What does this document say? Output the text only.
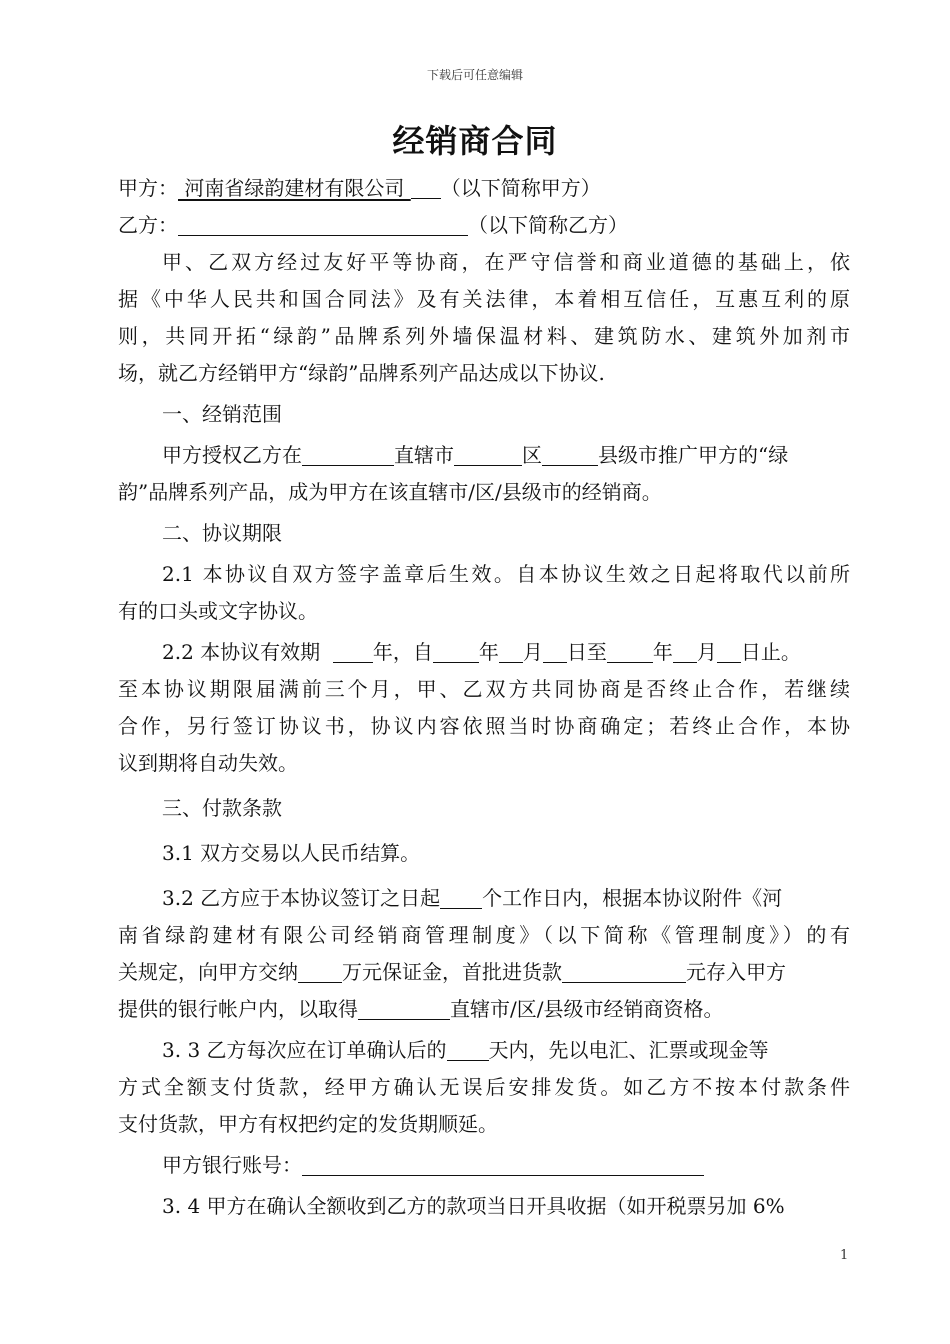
下载后可任意编辑
经销商合同
甲方： 河南省绿韵建材有限公司 （以下简称甲方）
乙方：	（以下简称乙方）
甲、乙双方经过友好平等协商，在严守信誉和商业道德的基础上，依
据《中华人民共和国合同法》及有关法律，本着相互信任，互惠互利的原
则，共同开拓“绿韵”品牌系列外墙保温材料、建筑防水、建筑外加剂市
场，就乙方经销甲方“绿韵”品牌系列产品达成以下协议.
一、经销范围
甲方授权乙方在	直辖市	区	县级市推广甲方的“绿
韵”品牌系列产品，成为甲方在该直辖市/区/县级市的经销商。
二、协议期限
2.1 本协议自双方签字盖章后生效。自本协议生效之日起将取代以前所
有的口头或文字协议。
2.2 本协议有效期	年，自 年 月 日至 年 月 日止。
至本协议期限届满前三个月，甲、乙双方共同协商是否终止合作，若继续
合作，另行签订协议书，协议内容依照当时协商确定；若终止合作，本协
议到期将自动失效。
三、付款条款
3.1 双方交易以人民币结算。
3.2 乙方应于本协议签订之日起 个工作日内，根据本协议附件《河
南省绿韵建材有限公司经销商管理制度》（以下简称《管理制度》）的有
关规定，向甲方交纳 万元保证金，首批进货款	元存入甲方
提供的银行帐户内，以取得	直辖市/区/县级市经销商资格。
3. 3 乙方每次应在订单确认后的 天内，先以电汇、汇票或现金等
方式全额支付货款，经甲方确认无误后安排发货。如乙方不按本付款条件
支付货款，甲方有权把约定的发货期顺延。
甲方银行账号：
3. 4 甲方在确认全额收到乙方的款项当日开具收据（如开税票另加 6%
1
